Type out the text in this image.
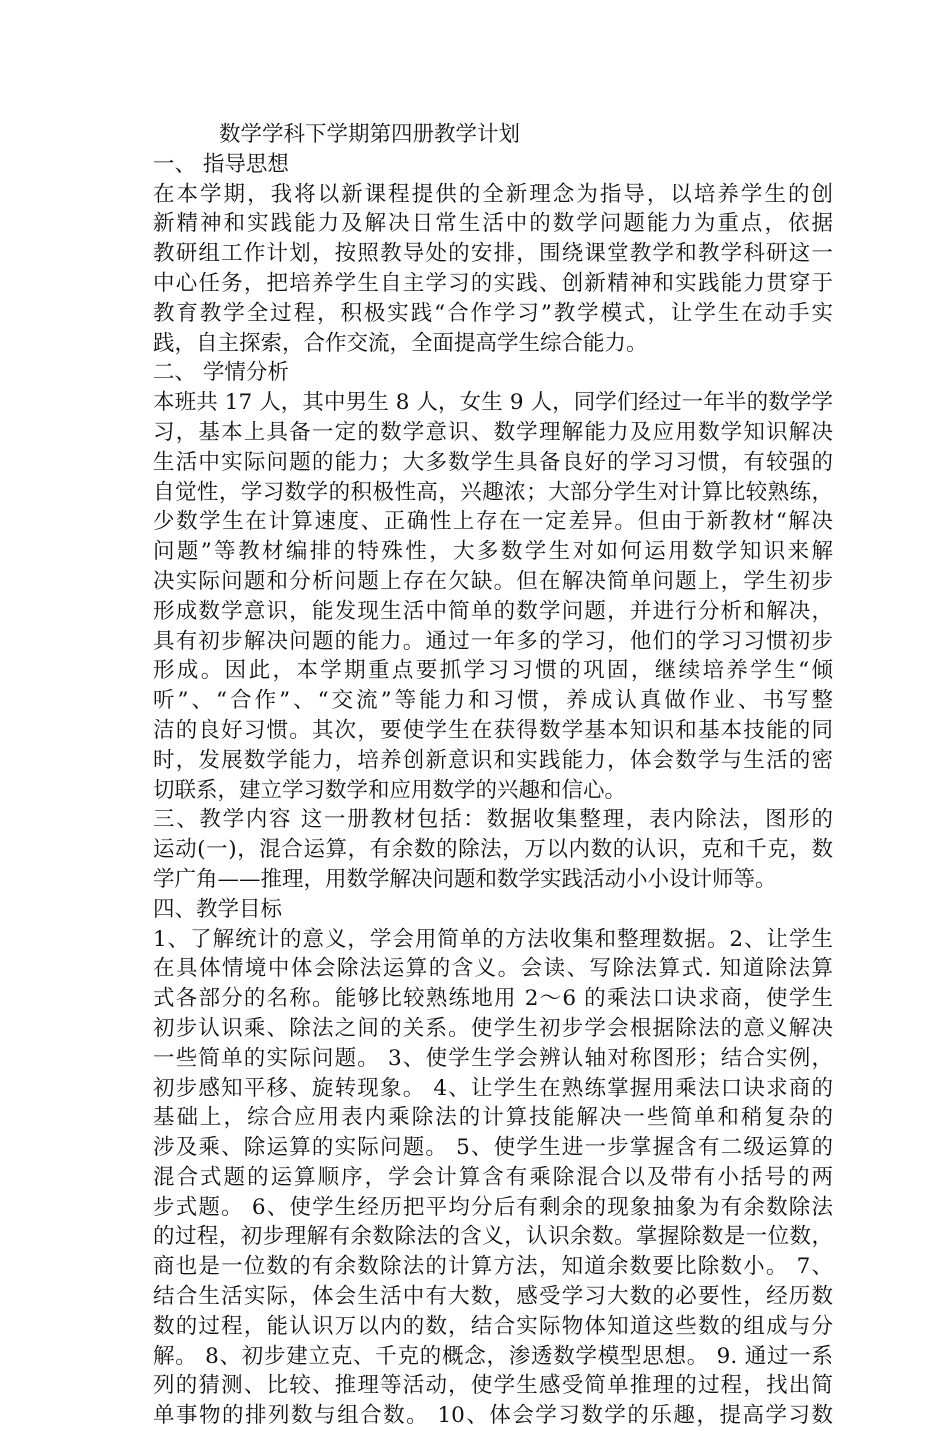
数学学科下学期第四册教学计划
一、 指导思想
在本学期，我将以新课程提供的全新理念为指导，以培养学生的创
新精神和实践能力及解决日常生活中的数学问题能力为重点，依据
教研组工作计划，按照教导处的安排，围绕课堂教学和教学科研这一
中心任务，把培养学生自主学习的实践、创新精神和实践能力贯穿于
教育教学全过程，积极实践“合作学习”教学模式，让学生在动手实
践，自主探索，合作交流，全面提高学生综合能力。
二、 学情分析
本班共 17 人，其中男生 8 人，女生 9 人，同学们经过一年半的数学学
习，基本上具备一定的数学意识、数学理解能力及应用数学知识解决
生活中实际问题的能力；大多数学生具备良好的学习习惯，有较强的
自觉性，学习数学的积极性高，兴趣浓；大部分学生对计算比较熟练，
少数学生在计算速度、正确性上存在一定差异。但由于新教材“解决
问题”等教材编排的特殊性，大多数学生对如何运用数学知识来解
决实际问题和分析问题上存在欠缺。但在解决简单问题上，学生初步
形成数学意识，能发现生活中简单的数学问题，并进行分析和解决，
具有初步解决问题的能力。通过一年多的学习，他们的学习习惯初步
形成。因此，本学期重点要抓学习习惯的巩固，继续培养学生“倾
听”、“合作”、“交流”等能力和习惯，养成认真做作业、书写整
洁的良好习惯。其次，要使学生在获得数学基本知识和基本技能的同
时，发展数学能力，培养创新意识和实践能力，体会数学与生活的密
切联系，建立学习数学和应用数学的兴趣和信心。
三、教学内容 这一册教材包括：数据收集整理，表内除法，图形的
运动(一)，混合运算，有余数的除法，万以内数的认识，克和千克，数
学广角——推理，用数学解决问题和数学实践活动小小设计师等。
四、教学目标
1、了解统计的意义，学会用简单的方法收集和整理数据。2、让学生
在具体情境中体会除法运算的含义。会读、写除法算式. 知道除法算
式各部分的名称。能够比较熟练地用 2～6 的乘法口诀求商，使学生
初步认识乘、除法之间的关系。使学生初步学会根据除法的意义解决
一些简单的实际问题。 3、使学生学会辨认轴对称图形；结合实例，
初步感知平移、旋转现象。 4、让学生在熟练掌握用乘法口诀求商的
基础上，综合应用表内乘除法的计算技能解决一些简单和稍复杂的
涉及乘、除运算的实际问题。 5、使学生进一步掌握含有二级运算的
混合式题的运算顺序，学会计算含有乘除混合以及带有小括号的两
步式题。 6、使学生经历把平均分后有剩余的现象抽象为有余数除法
的过程，初步理解有余数除法的含义，认识余数。掌握除数是一位数，
商也是一位数的有余数除法的计算方法，知道余数要比除数小。 7、
结合生活实际，体会生活中有大数，感受学习大数的必要性，经历数
数的过程，能认识万以内的数，结合实际物体知道这些数的组成与分
解。 8、初步建立克、千克的概念，渗透数学模型思想。 9. 通过一系
列的猜测、比较、推理等活动，使学生感受简单推理的过程，找出简
单事物的排列数与组合数。 10、体会学习数学的乐趣，提高学习数
